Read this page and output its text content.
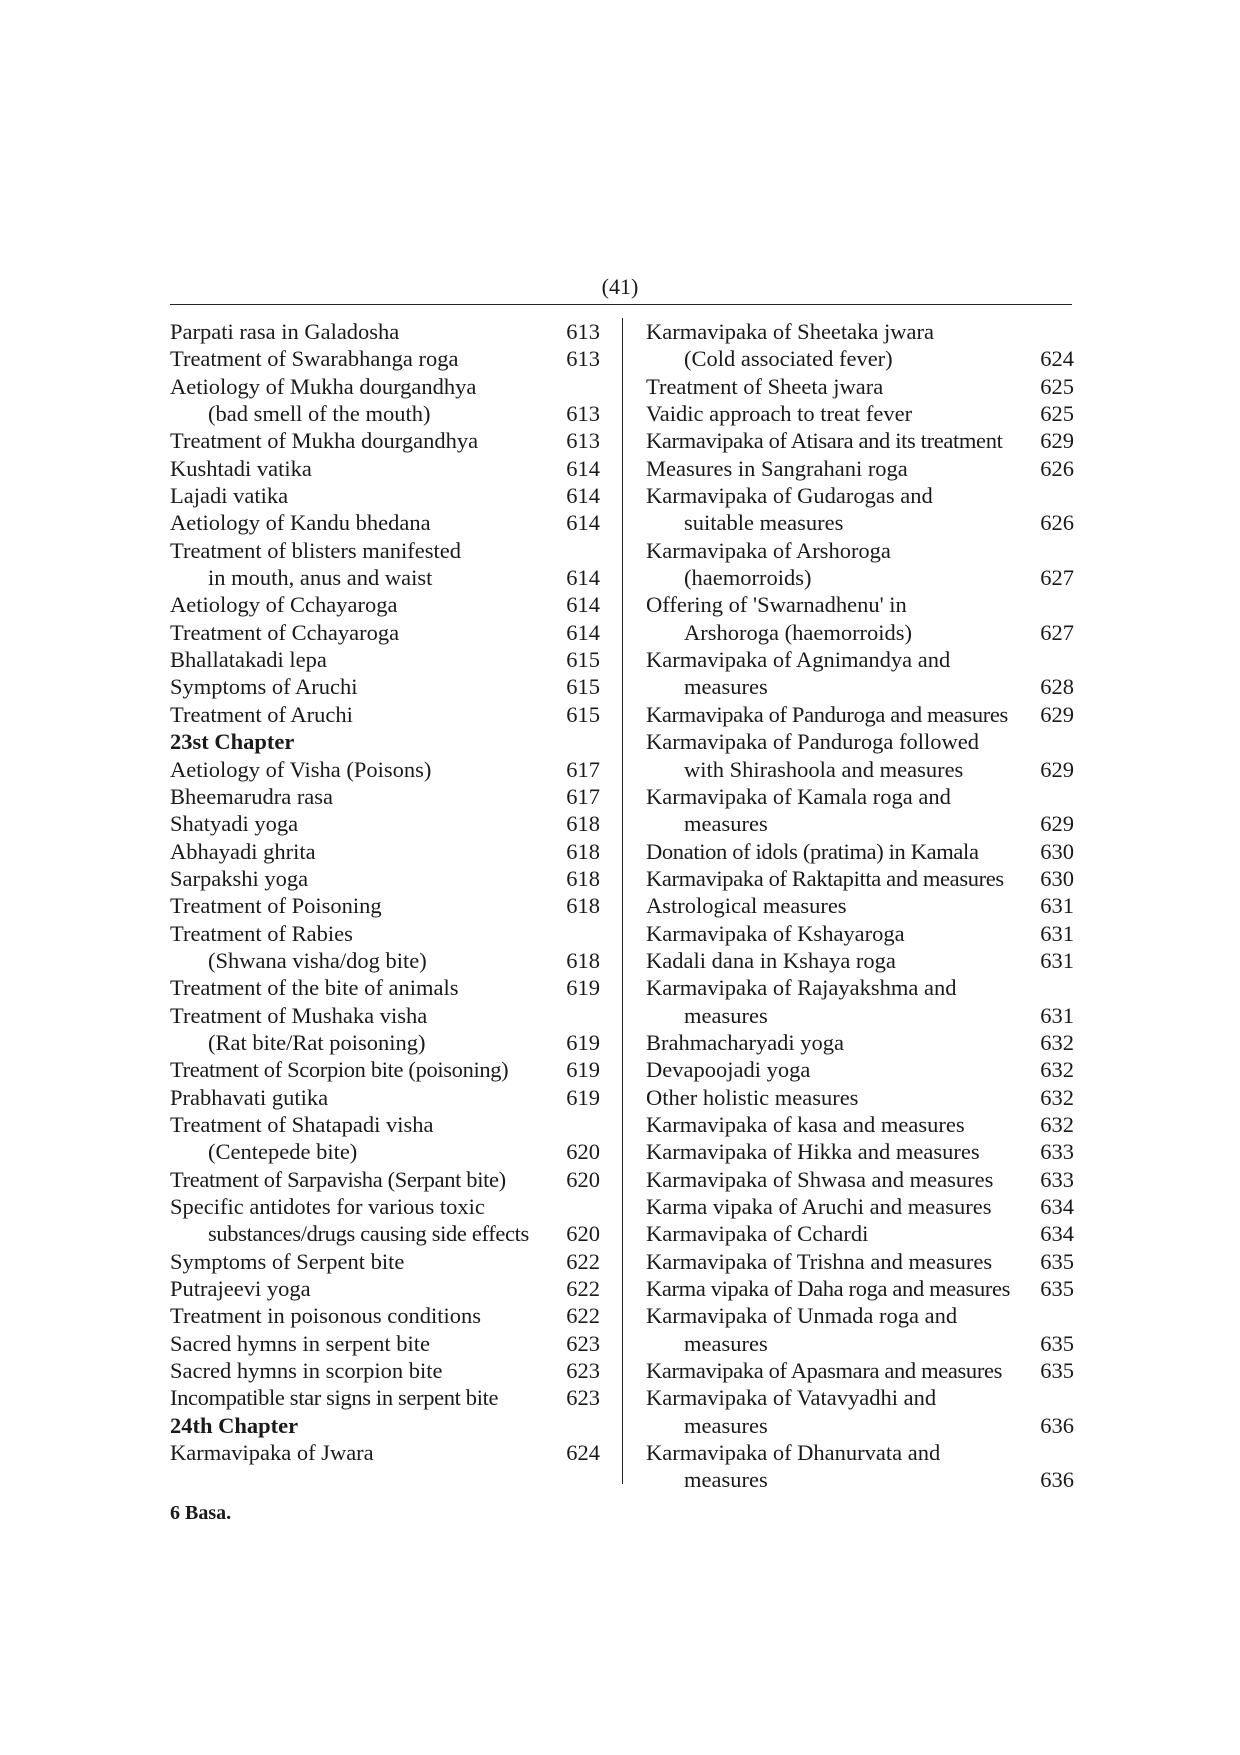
(41)
Parpati rasa in Galadosha	613
Treatment of Swarabhanga roga	613
Aetiology of Mukha dourgandhya
(bad smell of the mouth)	613
Treatment of Mukha dourgandhya	613
Kushtadi vatika	614
Lajadi vatika	614
Aetiology of Kandu bhedana	614
Treatment of blisters manifested
in mouth, anus and waist	614
Aetiology of Cchayaroga	614
Treatment of Cchayaroga	614
Bhallatakadi lepa	615
Symptoms of Aruchi	615
Treatment of Aruchi	615
23st Chapter
Aetiology of Visha (Poisons)	617
Bheemarudra rasa	617
Shatyadi yoga	618
Abhayadi ghrita	618
Sarpakshi yoga	618
Treatment of Poisoning	618
Treatment of Rabies
(Shwana visha/dog bite)	618
Treatment of the bite of animals	619
Treatment of Mushaka visha
(Rat bite/Rat poisoning)	619
Treatment of Scorpion bite (poisoning)	619
Prabhavati gutika	619
Treatment of Shatapadi visha
(Centepede bite)	620
Treatment of Sarpavisha (Serpant bite)	620
Specific antidotes for various toxic
substances/drugs causing side effects 620
Symptoms of Serpent bite	622
Putrajeevi yoga	622
Treatment in poisonous conditions	622
Sacred hymns in serpent bite	623
Sacred hymns in scorpion bite	623
Incompatible star signs in serpent bite	623
24th Chapter
Karmavipaka of Jwara	624
Karmavipaka of Sheetaka jwara
(Cold associated fever)	624
Treatment of Sheeta jwara	625
Vaidic approach to treat fever	625
Karmavipaka of Atisara and its treatment 629
Measures in Sangrahani roga	626
Karmavipaka of Gudarogas and
suitable measures	626
Karmavipaka of Arshoroga
(haemorroids)	627
Offering of 'Swarnadhenu' in
Arshoroga (haemorroids)	627
Karmavipaka of Agnimandya and
measures	628
Karmavipaka of Panduroga and measures 629
Karmavipaka of Panduroga followed
with Shirashoola and measures	629
Karmavipaka of Kamala roga and
measures	629
Donation of idols (pratima) in Kamala	630
Karmavipaka of Raktapitta and measures 630
Astrological measures	631
Karmavipaka of Kshayaroga	631
Kadali dana in Kshaya roga	631
Karmavipaka of Rajayakshma and
measures	631
Brahmacharyadi yoga	632
Devapoojadi yoga	632
Other holistic measures	632
Karmavipaka of kasa and measures	632
Karmavipaka of Hikka and measures	633
Karmavipaka of Shwasa and measures 633
Karma vipaka of Aruchi and measures 634
Karmavipaka of Cchardi	634
Karmavipaka of Trishna and measures 635
Karma vipaka of Daha roga and measures 635
Karmavipaka of Unmada roga and
measures	635
Karmavipaka of Apasmara and measures 635
Karmavipaka of Vatavyadhi and
measures	636
Karmavipaka of Dhanurvata and
measures	636
6 Basa.
